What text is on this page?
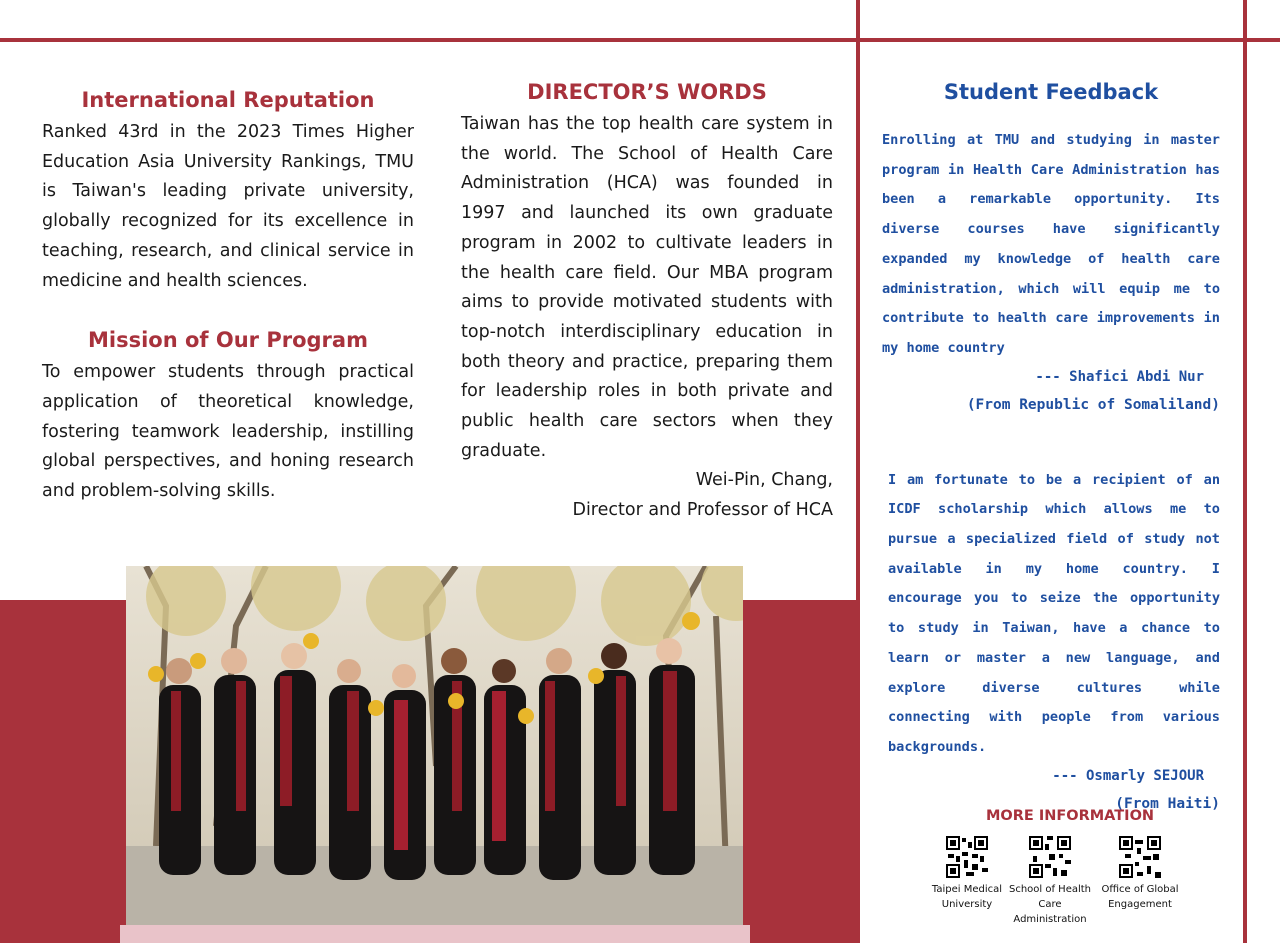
International Reputation

Ranked 43rd in the 2023 Times Higher Education Asia University Rankings, TMU is Taiwan's leading private university, globally recognized for its excellence in teaching, research, and clinical service in medicine and health sciences.

Mission of Our Program

To empower students through practical application of theoretical knowledge, fostering teamwork leadership, instilling global perspectives, and honing research and problem-solving skills.

DIRECTOR’S WORDS

Taiwan has the top health care system in the world. The School of Health Care Administration (HCA) was founded in 1997 and launched its own graduate program in 2002 to cultivate leaders in the health care field. Our MBA program aims to provide motivated students with top-notch interdisciplinary education in both theory and practice, preparing them for leadership roles in both private and public health care sectors when they graduate.

Wei-Pin, Chang,

Director and Professor of HCA

Student Feedback

Enrolling at TMU and studying in master program in Health Care Administration has been a remarkable opportunity. Its diverse courses have significantly expanded my knowledge of health care administration, which will equip me to contribute to health care improvements in my home country

--- Shafici Abdi Nur

(From Republic of Somaliland)

I am fortunate to be a recipient of an ICDF scholarship which allows me to pursue a specialized field of study not available in my home country. I encourage you to seize the opportunity to study in Taiwan, have a chance to learn or master a new language, and explore diverse cultures while connecting with people from various backgrounds.

--- Osmarly SEJOUR

(From Haiti)

MORE INFORMATION
Taipei Medical University
School of Health Care Administration
Office of Global Engagement
